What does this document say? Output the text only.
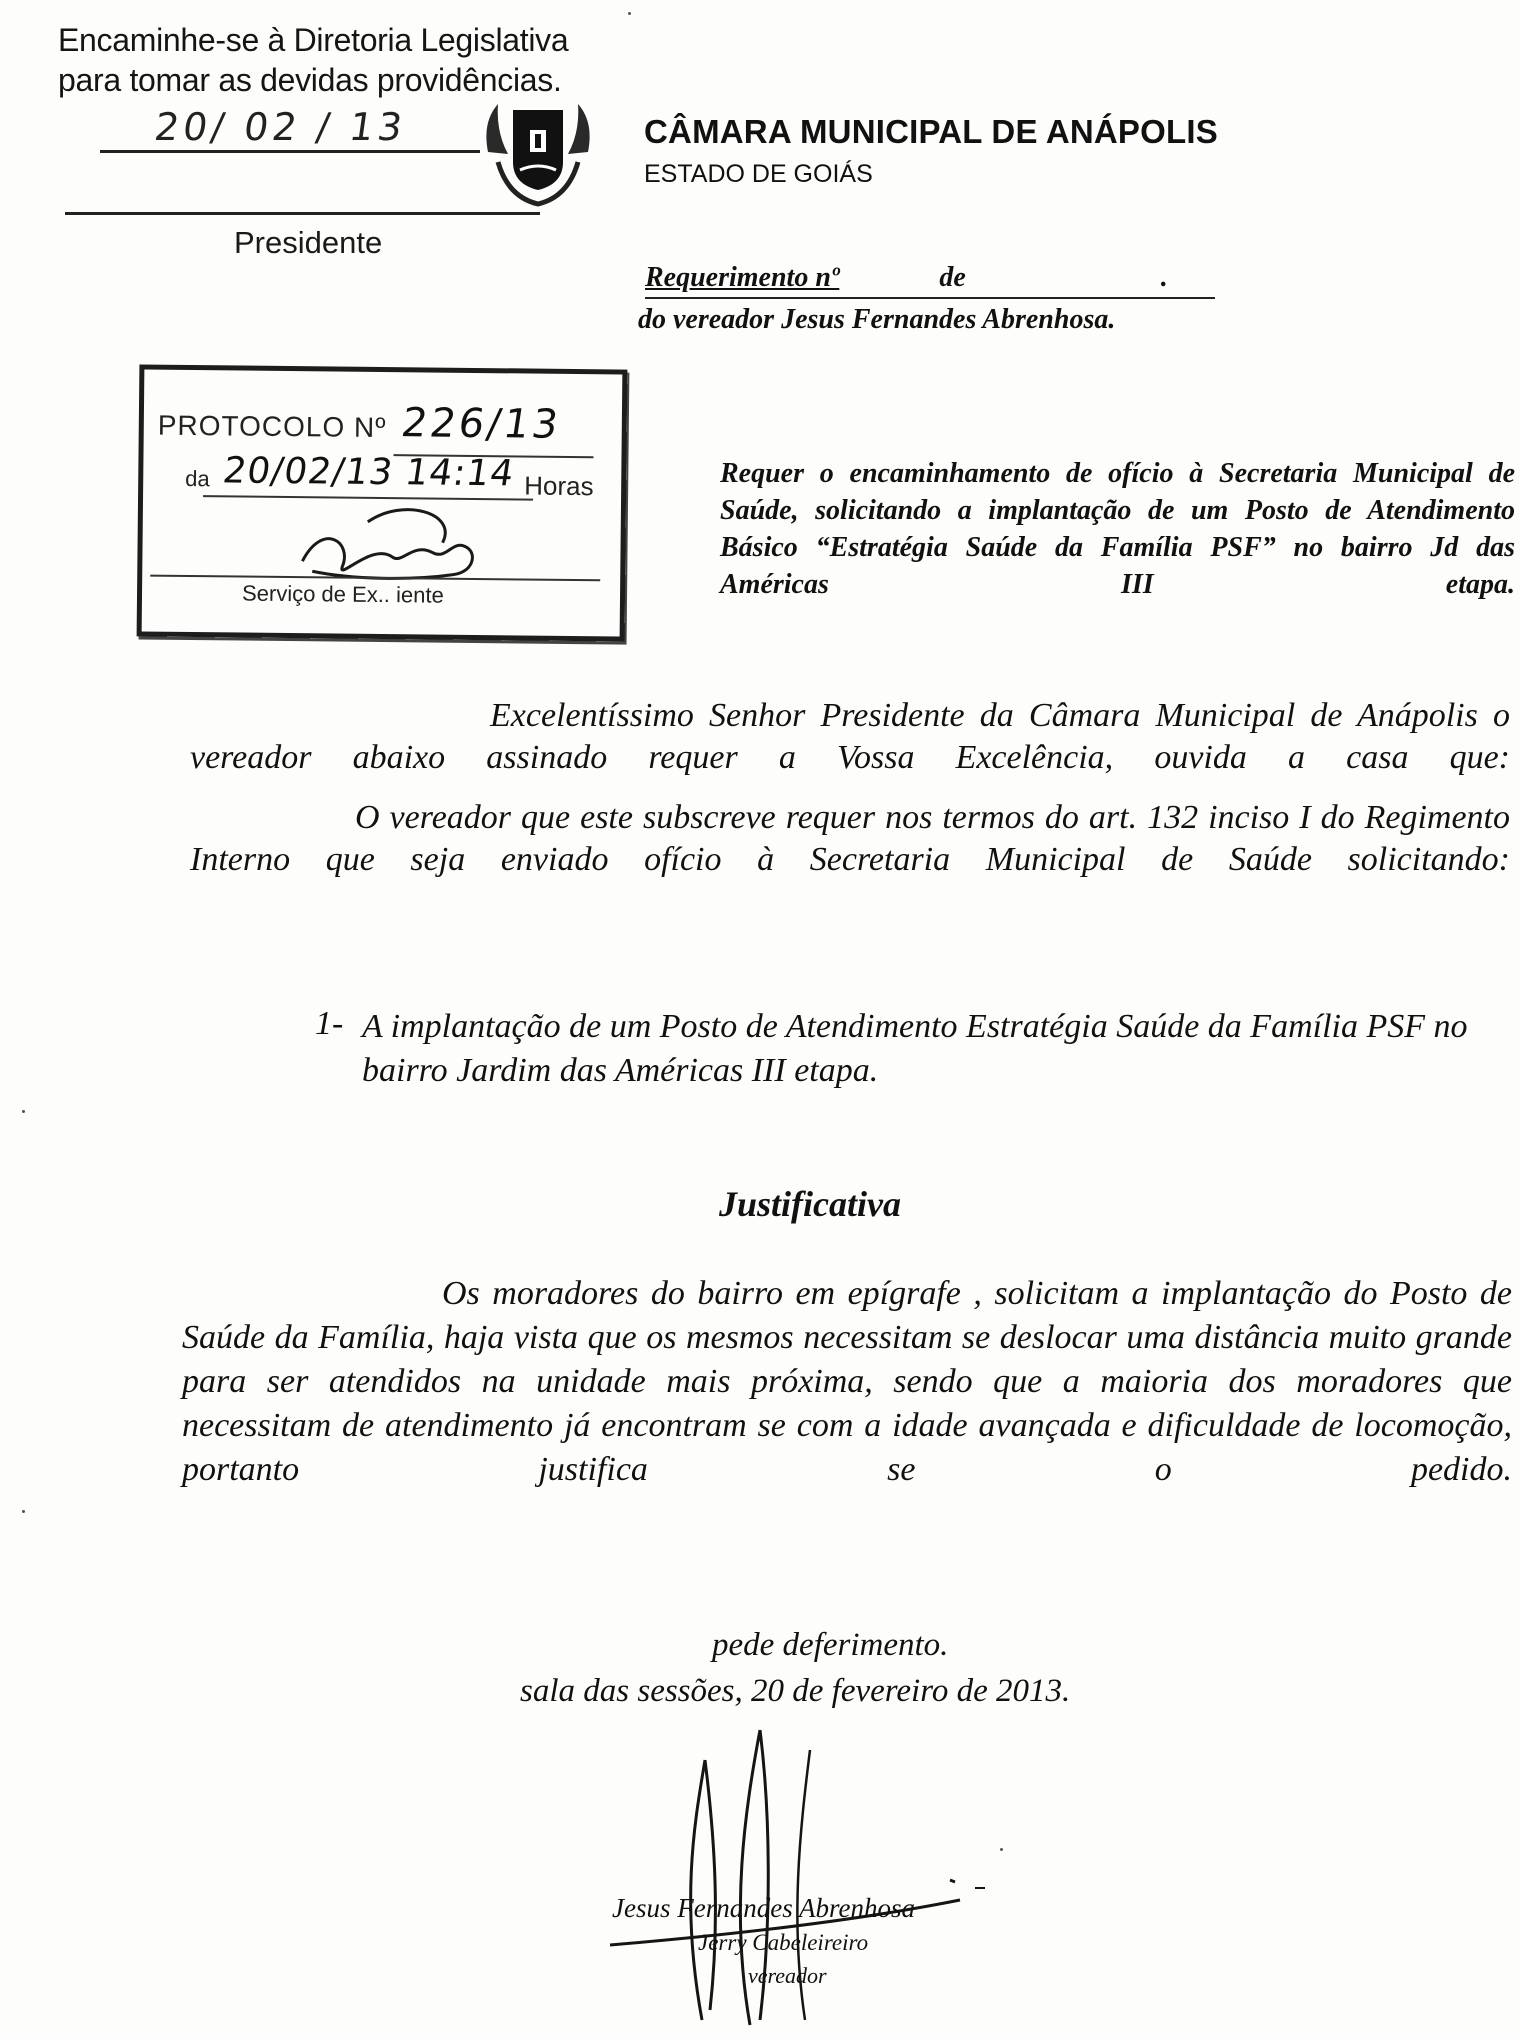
Encaminhe-se à Diretoria Legislativa
para tomar as devidas providências.
20/ 02 / 13
Presidente
CÂMARA MUNICIPAL DE ANÁPOLIS
ESTADO DE GOIÁS
Requerimento nº	de	.
do vereador Jesus Fernandes Abrenhosa.
PROTOCOLO Nº 226/13
da 20/02/13 14:14 Horas
Serviço de Ex.. iente
Requer o encaminhamento de ofício à Secretaria Municipal de Saúde, solicitando a implantação de um Posto de Atendimento Básico “Estratégia Saúde da Família PSF” no bairro Jd das Américas III etapa.
Excelentíssimo Senhor Presidente da Câmara Municipal de Anápolis o vereador abaixo assinado requer a Vossa Excelência, ouvida a casa que:
O vereador que este subscreve requer nos termos do art. 132 inciso I do Regimento Interno que seja enviado ofício à Secretaria Municipal de Saúde solicitando:
1- A implantação de um Posto de Atendimento Estratégia Saúde da Família PSF no bairro Jardim das Américas III etapa.
Justificativa
Os moradores do bairro em epígrafe , solicitam a implantação do Posto de Saúde da Família, haja vista que os mesmos necessitam se deslocar uma distância muito grande para ser atendidos na unidade mais próxima, sendo que a maioria dos moradores que necessitam de atendimento já encontram se com a idade avançada e dificuldade de locomoção, portanto justifica se o pedido.
pede deferimento.
sala das sessões, 20 de fevereiro de 2013.
Jesus Fernandes Abrenhosa
Jerry Cabeleireiro
vereador
